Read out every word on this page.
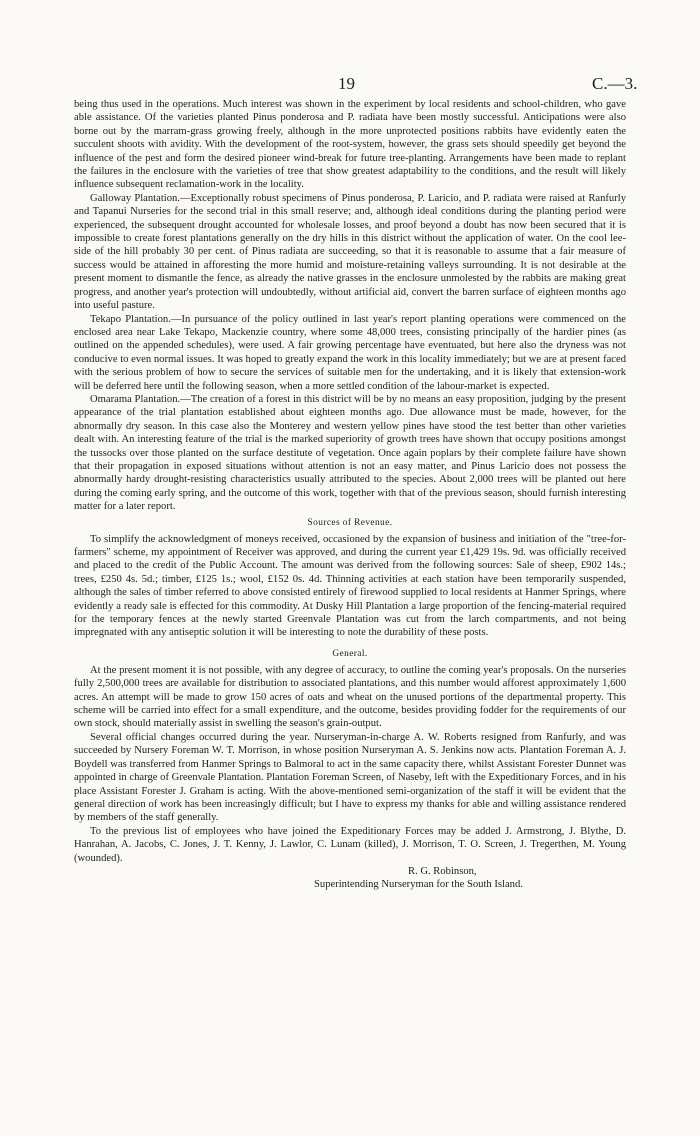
19	C.—3.

being thus used in the operations. Much interest was shown in the experiment by local residents and school-children, who gave able assistance. Of the varieties planted Pinus ponderosa and P. radiata have been mostly successful. Anticipations were also borne out by the marram-grass growing freely, although in the more unprotected positions rabbits have evidently eaten the succulent shoots with avidity. With the development of the root-system, however, the grass sets should speedily get beyond the influence of the pest and form the desired pioneer wind-break for future tree-planting. Arrangements have been made to replant the failures in the enclosure with the varieties of tree that show greatest adaptability to the conditions, and the result will likely influence subsequent reclamation-work in the locality.

Galloway Plantation.—Exceptionally robust specimens of Pinus ponderosa, P. Laricio, and P. radiata were raised at Ranfurly and Tapanui Nurseries for the second trial in this small reserve; and, although ideal conditions during the planting period were experienced, the subsequent drought accounted for wholesale losses, and proof beyond a doubt has now been secured that it is impossible to create forest plantations generally on the dry hills in this district without the application of water. On the cool lee-side of the hill probably 30 per cent. of Pinus radiata are succeeding, so that it is reasonable to assume that a fair measure of success would be attained in afforesting the more humid and moisture-retaining valleys surrounding. It is not desirable at the present moment to dismantle the fence, as already the native grasses in the enclosure unmolested by the rabbits are making great progress, and another year's protection will undoubtedly, without artificial aid, convert the barren surface of eighteen months ago into useful pasture.

Tekapo Plantation.—In pursuance of the policy outlined in last year's report planting operations were commenced on the enclosed area near Lake Tekapo, Mackenzie country, where some 48,000 trees, consisting principally of the hardier pines (as outlined on the appended schedules), were used. A fair growing percentage have eventuated, but here also the dryness was not conducive to even normal issues. It was hoped to greatly expand the work in this locality immediately; but we are at present faced with the serious problem of how to secure the services of suitable men for the undertaking, and it is likely that extension-work will be deferred here until the following season, when a more settled condition of the labour-market is expected.

Omarama Plantation.—The creation of a forest in this district will be by no means an easy proposition, judging by the present appearance of the trial plantation established about eighteen months ago. Due allowance must be made, however, for the abnormally dry season. In this case also the Monterey and western yellow pines have stood the test better than other varieties dealt with. An interesting feature of the trial is the marked superiority of growth trees have shown that occupy positions amongst the tussocks over those planted on the surface destitute of vegetation. Once again poplars by their complete failure have shown that their propagation in exposed situations without attention is not an easy matter, and Pinus Laricio does not possess the abnormally hardy drought-resisting characteristics usually attributed to the species. About 2,000 trees will be planted out here during the coming early spring, and the outcome of this work, together with that of the previous season, should furnish interesting matter for a later report.

Sources of Revenue.

To simplify the acknowledgment of moneys received, occasioned by the expansion of business and initiation of the "tree-for-farmers" scheme, my appointment of Receiver was approved, and during the current year £1,429 19s. 9d. was officially received and placed to the credit of the Public Account. The amount was derived from the following sources: Sale of sheep, £902 14s.; trees, £250 4s. 5d.; timber, £125 1s.; wool, £152 0s. 4d. Thinning activities at each station have been temporarily suspended, although the sales of timber referred to above consisted entirely of firewood supplied to local residents at Hanmer Springs, where evidently a ready sale is effected for this commodity. At Dusky Hill Plantation a large proportion of the fencing-material required for the temporary fences at the newly started Greenvale Plantation was cut from the larch compartments, and not being impregnated with any antiseptic solution it will be interesting to note the durability of these posts.

General.

At the present moment it is not possible, with any degree of accuracy, to outline the coming year's proposals. On the nurseries fully 2,500,000 trees are available for distribution to associated plantations, and this number would afforest approximately 1,600 acres. An attempt will be made to grow 150 acres of oats and wheat on the unused portions of the departmental property. This scheme will be carried into effect for a small expenditure, and the outcome, besides providing fodder for the requirements of our own stock, should materially assist in swelling the season's grain-output.

Several official changes occurred during the year. Nurseryman-in-charge A. W. Roberts resigned from Ranfurly, and was succeeded by Nursery Foreman W. T. Morrison, in whose position Nurseryman A. S. Jenkins now acts. Plantation Foreman A. J. Boydell was transferred from Hanmer Springs to Balmoral to act in the same capacity there, whilst Assistant Forester Dunnet was appointed in charge of Greenvale Plantation. Plantation Foreman Screen, of Naseby, left with the Expeditionary Forces, and in his place Assistant Forester J. Graham is acting. With the above-mentioned semi-organization of the staff it will be evident that the general direction of work has been increasingly difficult; but I have to express my thanks for able and willing assistance rendered by members of the staff generally.

To the previous list of employees who have joined the Expeditionary Forces may be added J. Armstrong, J. Blythe, D. Hanrahan, A. Jacobs, C. Jones, J. T. Kenny, J. Lawlor, C. Lunam (killed), J. Morrison, T. O. Screen, J. Tregerthen, M. Young (wounded).

R. G. Robinson,

Superintending Nurseryman for the South Island.
